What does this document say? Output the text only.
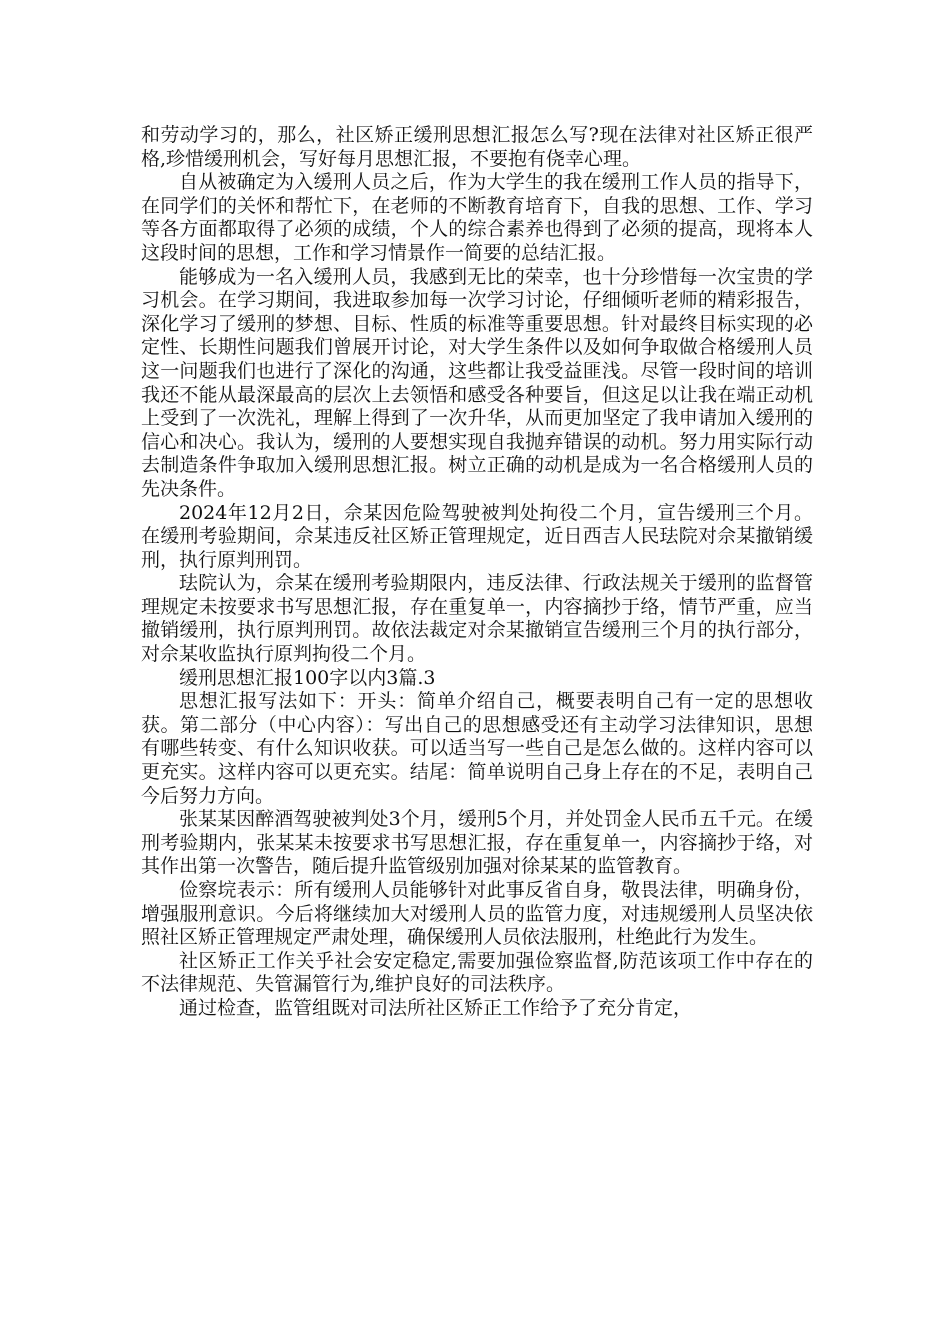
和劳动学习的，那么，社区矫正缓刑思想汇报怎么写?现在法律对社区矫正很严格,珍惜缓刑机会，写好每月思想汇报，不要抱有侥幸心理。

自从被确定为入缓刑人员之后，作为大学生的我在缓刑工作人员的指导下，在同学们的关怀和帮忙下，在老师的不断教育培育下，自我的思想、工作、学习等各方面都取得了必须的成绩，个人的综合素养也得到了必须的提高，现将本人这段时间的思想，工作和学习情景作一简要的总结汇报。

能够成为一名入缓刑人员，我感到无比的荣幸，也十分珍惜每一次宝贵的学习机会。在学习期间，我进取参加每一次学习讨论，仔细倾听老师的精彩报告，深化学习了缓刑的梦想、目标、性质的标准等重要思想。针对最终目标实现的必定性、长期性问题我们曾展开讨论，对大学生条件以及如何争取做合格缓刑人员这一问题我们也进行了深化的沟通，这些都让我受益匪浅。尽管一段时间的培训我还不能从最深最高的层次上去领悟和感受各种要旨，但这足以让我在端正动机上受到了一次洗礼，理解上得到了一次升华，从而更加坚定了我申请加入缓刑的信心和决心。我认为，缓刑的人要想实现自我抛弃错误的动机。努力用实际行动去制造条件争取加入缓刑思想汇报。树立正确的动机是成为一名合格缓刑人员的先决条件。

2024年12月2日，佘某因危险驾驶被判处拘役二个月，宣告缓刑三个月。在缓刑考验期间，佘某违反社区矫正管理规定，近日西吉人民珐院对佘某撤销缓刑，执行原判刑罚。

珐院认为，佘某在缓刑考验期限内，违反法律、行政法规关于缓刑的监督管理规定未按要求书写思想汇报，存在重复单一，内容摘抄于络，情节严重，应当撤销缓刑，执行原判刑罚。故依法裁定对佘某撤销宣告缓刑三个月的执行部分，对佘某收监执行原判拘役二个月。

缓刑思想汇报100字以内3篇.3

思想汇报写法如下：开头：简单介绍自己，概要表明自己有一定的思想收获。第二部分（中心内容）：写出自己的思想感受还有主动学习法律知识，思想有哪些转变、有什么知识收获。可以适当写一些自己是怎么做的。这样内容可以更充实。这样内容可以更充实。结尾：简单说明自己身上存在的不足，表明自己今后努力方向。

张某某因醉酒驾驶被判处3个月，缓刑5个月，并处罚金人民币五千元。在缓刑考验期内，张某某未按要求书写思想汇报，存在重复单一，内容摘抄于络，对其作出第一次警告，随后提升监管级别加强对徐某某的监管教育。

俭察垸表示：所有缓刑人员能够针对此事反省自身，敬畏法律，明确身份，增强服刑意识。今后将继续加大对缓刑人员的监管力度，对违规缓刑人员坚决依照社区矫正管理规定严肃处理，确保缓刑人员依法服刑，杜绝此行为发生。

社区矫正工作关乎社会安定稳定,需要加强俭察监督,防范该项工作中存在的不法律规范、失管漏管行为,维护良好的司法秩序。

通过检查，监管组既对司法所社区矫正工作给予了充分肯定，
